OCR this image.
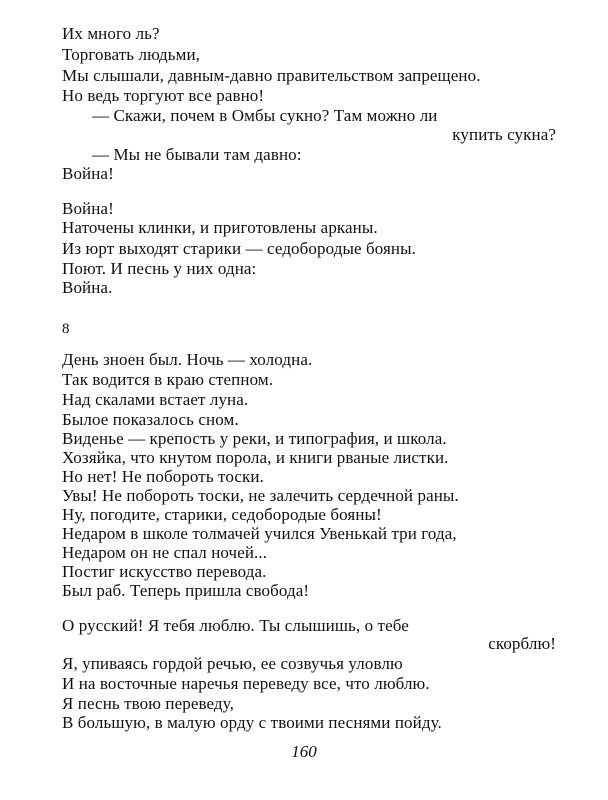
Их много ль?
Торговать людьми,
Мы слышали, давным-давно правительством запрещено.
Но ведь торгуют все равно!
— Скажи, почем в Омбы сукно? Там можно ли
купить сукна?
— Мы не бывали там давно:
Война!
Война!
Наточены клинки, и приготовлены арканы.
Из юрт выходят старики — седобородые бояны.
Поют. И песнь у них одна:
Война.
8
День зноен был. Ночь — холодна.
Так водится в краю степном.
Над скалами встает луна.
Былое показалось сном.
Виденье — крепость у реки, и типография, и школа.
Хозяйка, что кнутом порола, и книги рваные листки.
Но нет! Не побороть тоски.
Увы! Не побороть тоски, не залечить сердечной раны.
Ну, погодите, старики, седобородые бояны!
Недаром в школе толмачей учился Увенькай три года,
Недаром он не спал ночей...
Постиг искусство перевода.
Был раб. Теперь пришла свобода!
О русский! Я тебя люблю. Ты слышишь, о тебе
скорблю!
Я, упиваясь гордой речью, ее созвучья уловлю
И на восточные наречья переведу все, что люблю.
Я песнь твою переведу,
В большую, в малую орду с твоими песнями пойду.
160
